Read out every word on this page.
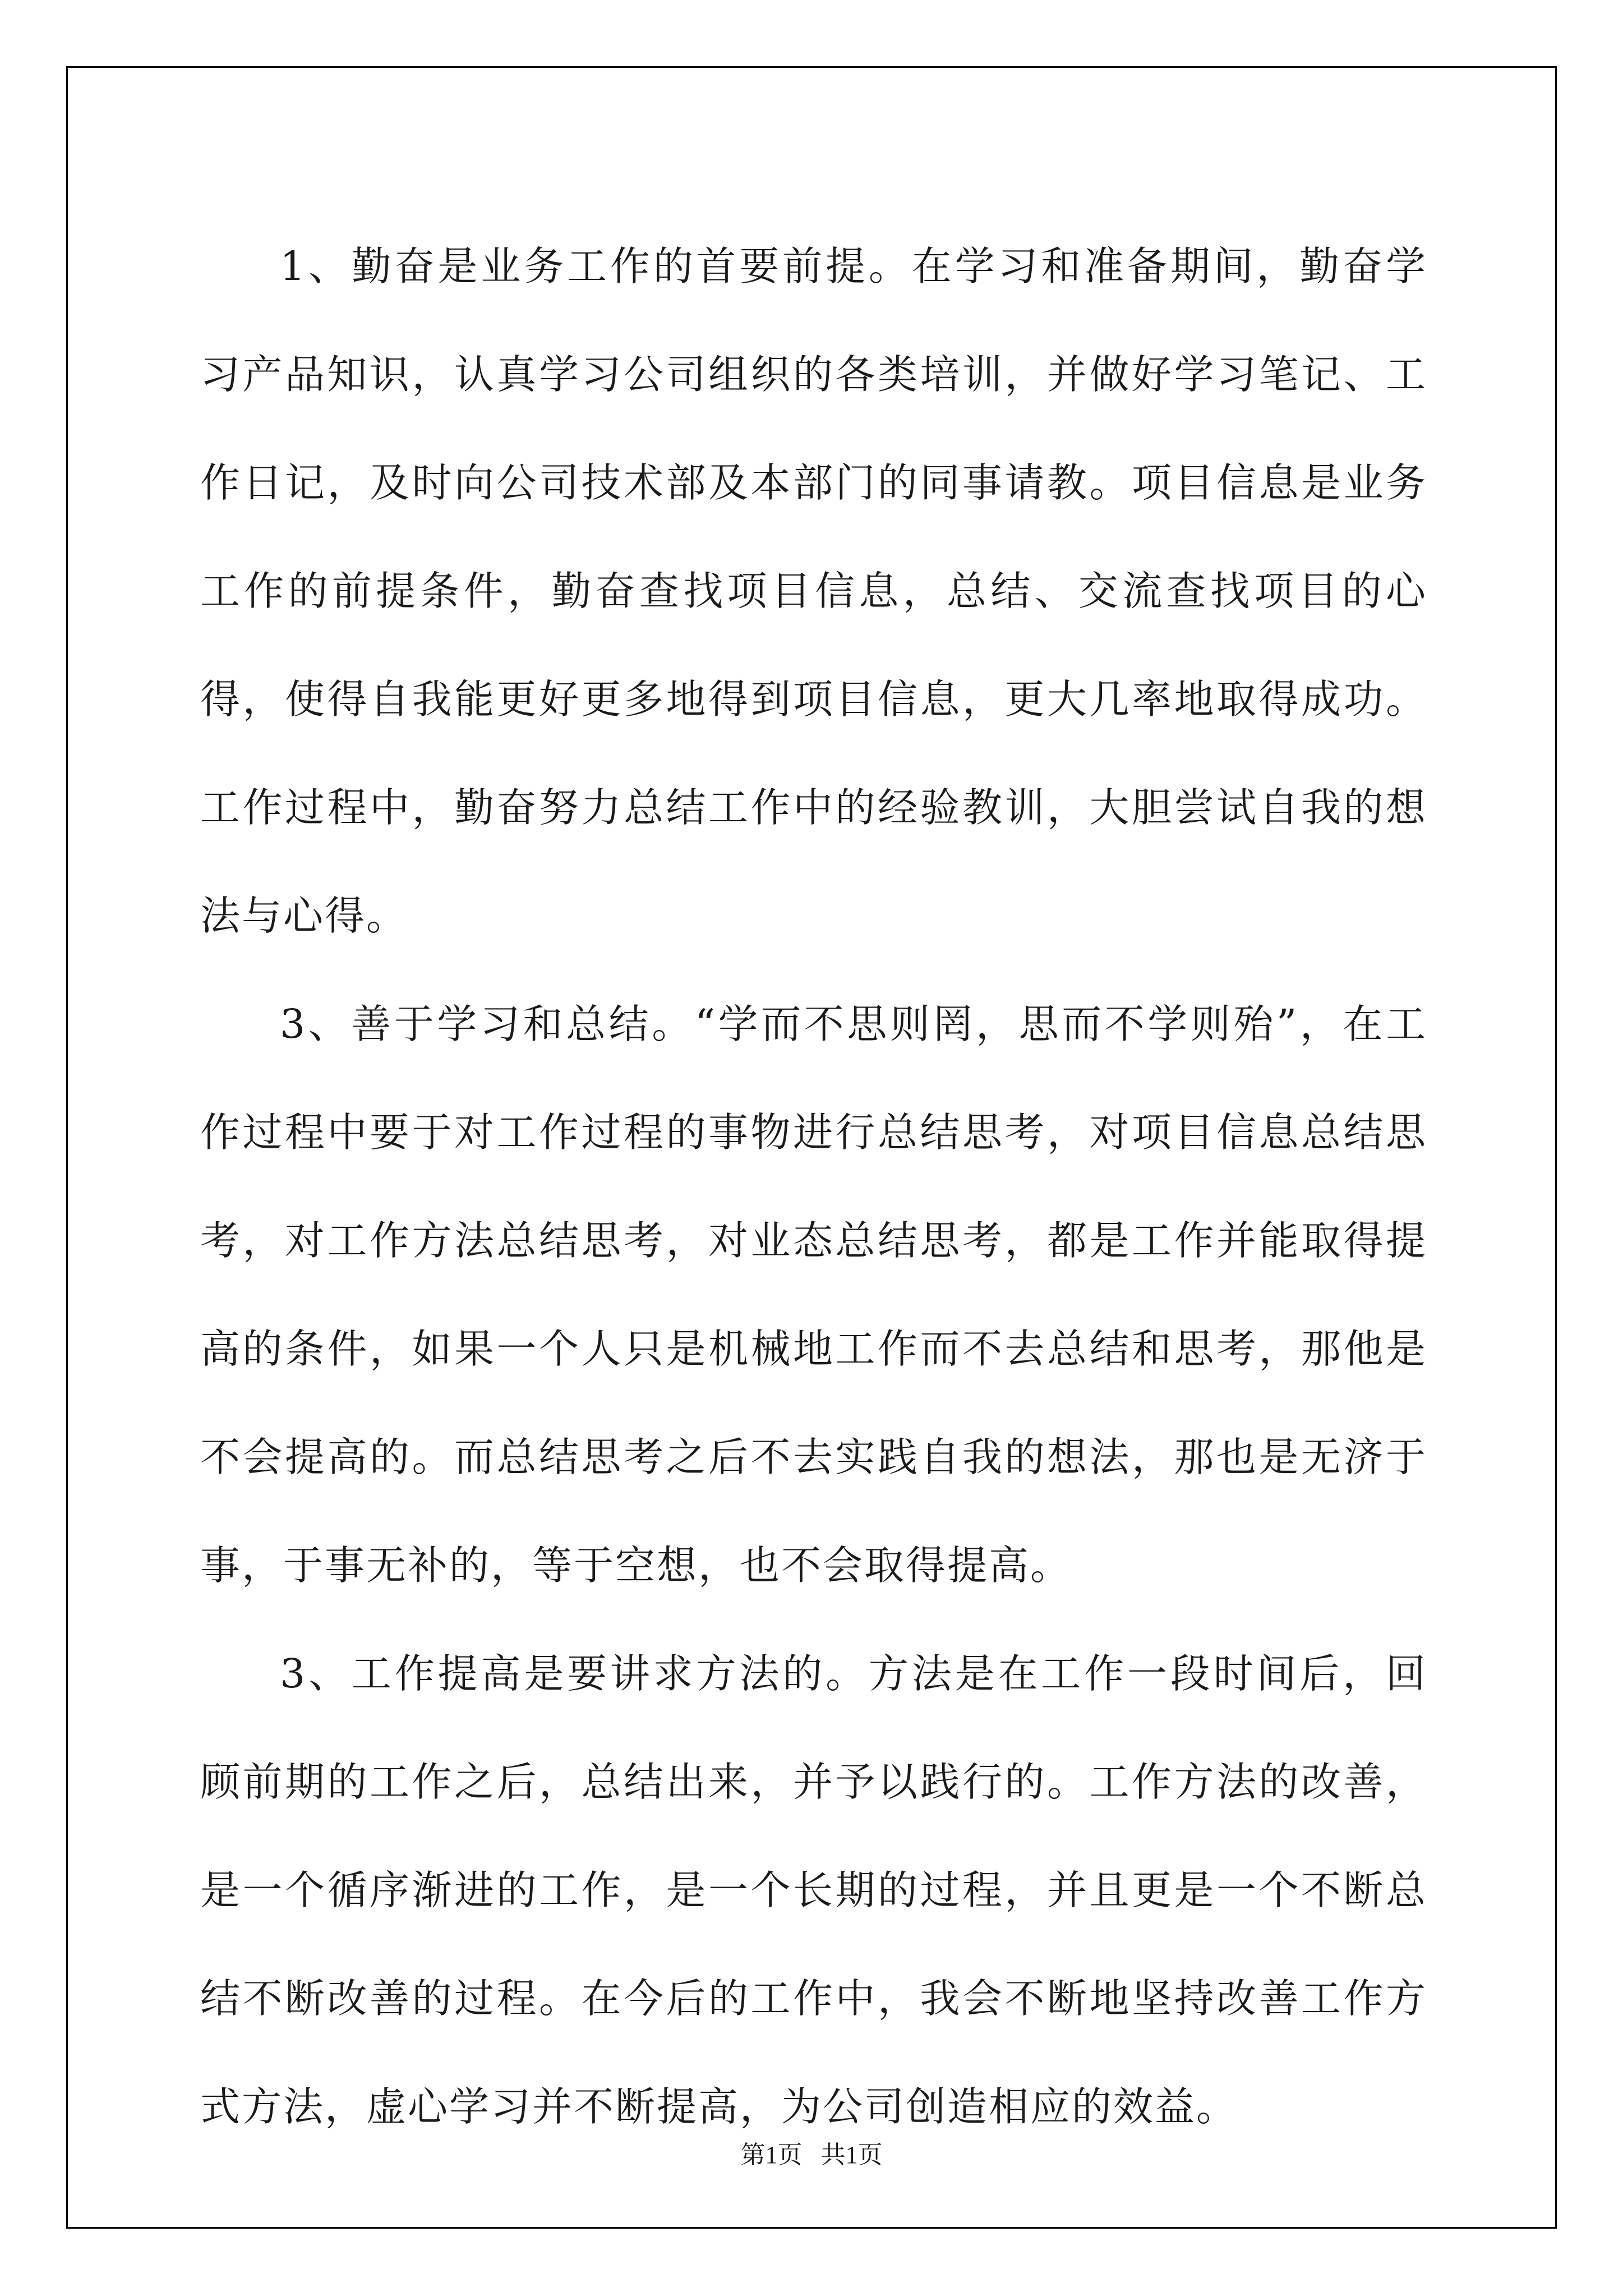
1、勤奋是业务工作的首要前提。在学习和准备期间，勤奋学习产品知识，认真学习公司组织的各类培训，并做好学习笔记、工作日记，及时向公司技术部及本部门的同事请教。项目信息是业务工作的前提条件，勤奋查找项目信息，总结、交流查找项目的心得，使得自我能更好更多地得到项目信息，更大几率地取得成功。工作过程中，勤奋努力总结工作中的经验教训，大胆尝试自我的想法与心得。

3、善于学习和总结。“学而不思则罔，思而不学则殆”，在工作过程中要于对工作过程的事物进行总结思考，对项目信息总结思考，对工作方法总结思考，对业态总结思考，都是工作并能取得提高的条件，如果一个人只是机械地工作而不去总结和思考，那他是不会提高的。而总结思考之后不去实践自我的想法，那也是无济于事，于事无补的，等于空想，也不会取得提高。

3、工作提高是要讲求方法的。方法是在工作一段时间后，回顾前期的工作之后，总结出来，并予以践行的。工作方法的改善，是一个循序渐进的工作，是一个长期的过程，并且更是一个不断总结不断改善的过程。在今后的工作中，我会不断地坚持改善工作方式方法，虚心学习并不断提高，为公司创造相应的效益。

第1页   共1页
